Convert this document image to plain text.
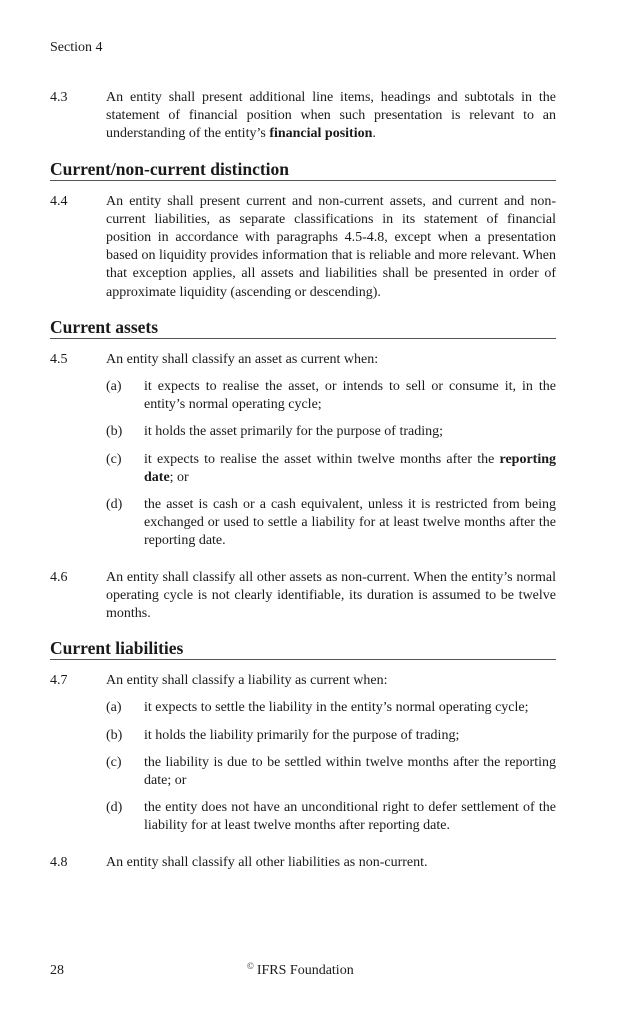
Section 4
4.3	An entity shall present additional line items, headings and subtotals in the statement of financial position when such presentation is relevant to an understanding of the entity’s financial position.
Current/non-current distinction
4.4	An entity shall present current and non-current assets, and current and non-current liabilities, as separate classifications in its statement of financial position in accordance with paragraphs 4.5-4.8, except when a presentation based on liquidity provides information that is reliable and more relevant. When that exception applies, all assets and liabilities shall be presented in order of approximate liquidity (ascending or descending).
Current assets
4.5	An entity shall classify an asset as current when:
(a)	it expects to realise the asset, or intends to sell or consume it, in the entity’s normal operating cycle;
(b)	it holds the asset primarily for the purpose of trading;
(c)	it expects to realise the asset within twelve months after the reporting date; or
(d)	the asset is cash or a cash equivalent, unless it is restricted from being exchanged or used to settle a liability for at least twelve months after the reporting date.
4.6	An entity shall classify all other assets as non-current. When the entity’s normal operating cycle is not clearly identifiable, its duration is assumed to be twelve months.
Current liabilities
4.7	An entity shall classify a liability as current when:
(a)	it expects to settle the liability in the entity’s normal operating cycle;
(b)	it holds the liability primarily for the purpose of trading;
(c)	the liability is due to be settled within twelve months after the reporting date; or
(d)	the entity does not have an unconditional right to defer settlement of the liability for at least twelve months after reporting date.
4.8	An entity shall classify all other liabilities as non-current.
28	© IFRS Foundation
